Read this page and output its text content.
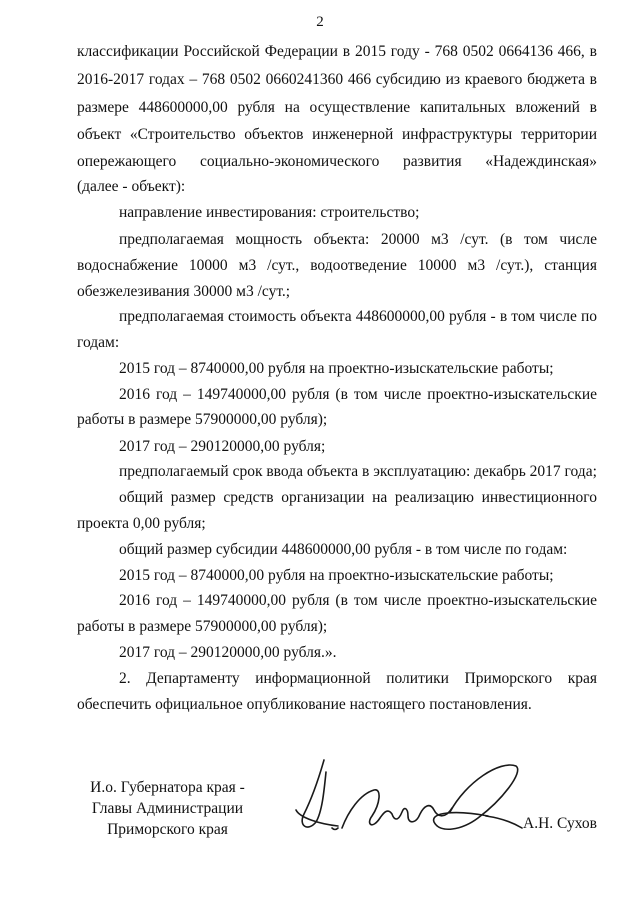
2
классификации Российской Федерации в 2015 году - 768 0502 0664136 466, в
2016-2017 годах – 768 0502 0660241360 466 субсидию из краевого бюджета в
размере 448600000,00 рубля на осуществление капитальных вложений в
объект «Строительство объектов инженерной инфраструктуры территории
опережающего социально-экономического развития «Надеждинская»
(далее - объект):
направление инвестирования: строительство;
предполагаемая мощность объекта: 20000 м3 /сут. (в том числе
водоснабжение 10000 м3 /сут., водоотведение 10000 м3 /сут.), станция
обезжелезивания 30000 м3 /сут.;
предполагаемая стоимость объекта 448600000,00 рубля - в том числе по
годам:
2015 год – 8740000,00 рубля на проектно-изыскательские работы;
2016 год – 149740000,00 рубля (в том числе проектно-изыскательские
работы в размере 57900000,00 рубля);
2017 год – 290120000,00 рубля;
предполагаемый срок ввода объекта в эксплуатацию: декабрь 2017 года;
общий размер средств организации на реализацию инвестиционного
проекта 0,00 рубля;
общий размер субсидии 448600000,00 рубля - в том числе по годам:
2015 год – 8740000,00 рубля на проектно-изыскательские работы;
2016 год – 149740000,00 рубля (в том числе проектно-изыскательские
работы в размере 57900000,00 рубля);
2017 год – 290120000,00 рубля.».
2. Департаменту информационной политики Приморского края
обеспечить официальное опубликование настоящего постановления.
И.о. Губернатора края -
Главы Администрации
Приморского края	А.Н. Сухов
